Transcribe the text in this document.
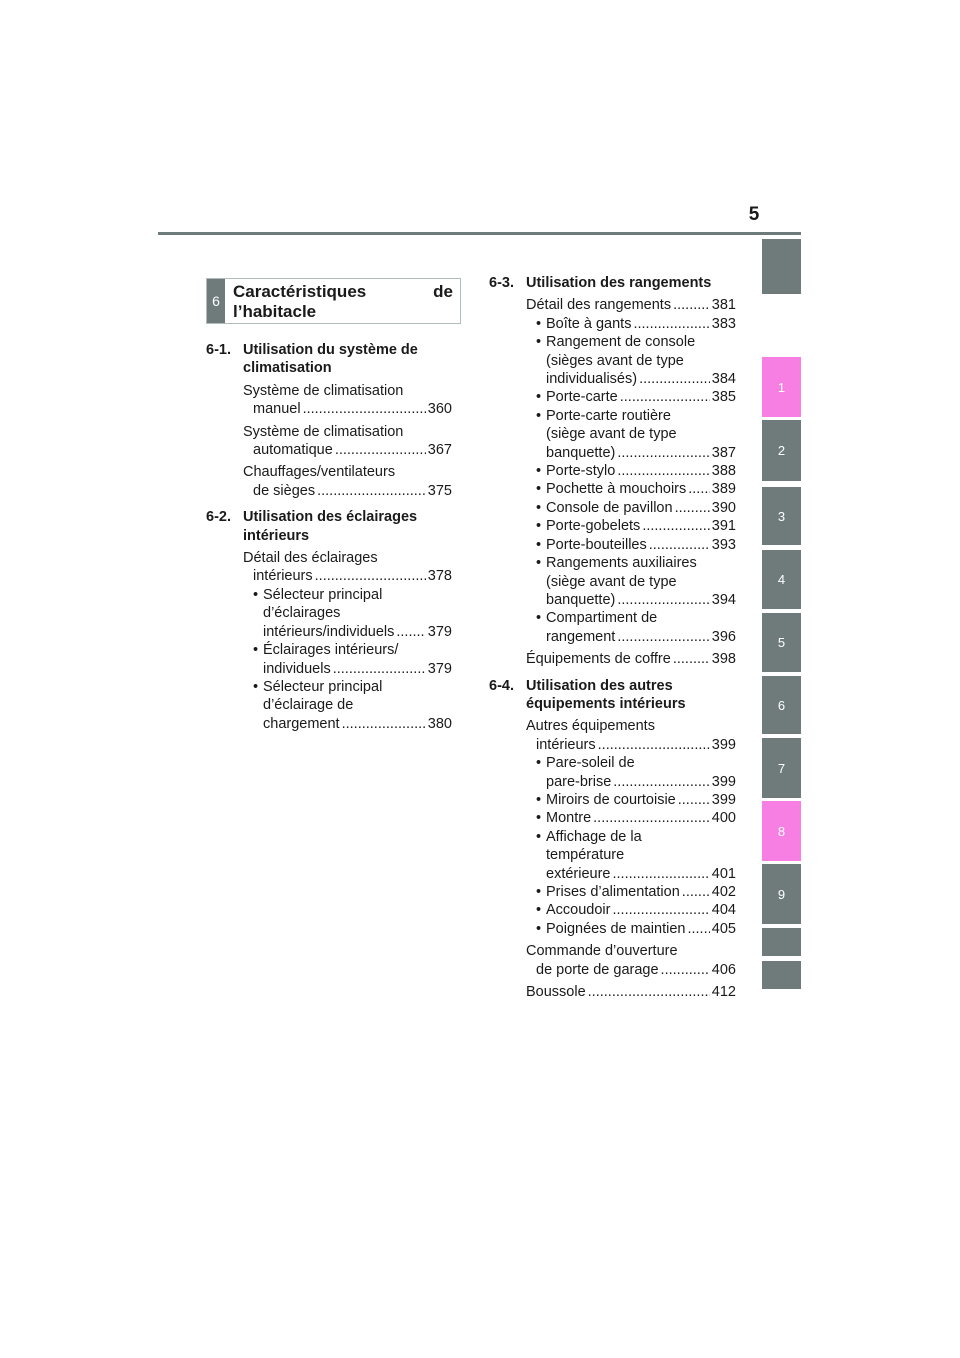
5
1
2
3
4
5
6
7
8
9
6 Caractéristiques	de
l’habitacle
6-1. Utilisation du système de
climatisation
Système de climatisation
manuel .....	360
Système de climatisation
automatique .....	367
Chauffages/ventilateurs
de sièges .....	375
6-2. Utilisation des éclairages
intérieurs
Détail des éclairages
intérieurs .....	378
• Sélecteur principal
d’éclairages
intérieurs/individuels ..... 379
• Éclairages intérieurs/
individuels .....	379
• Sélecteur principal
d’éclairage de
chargement .....	380
6-3. Utilisation des rangements
Détail des rangements .....	381
• Boîte à gants .....	383
• Rangement de console
(sièges avant de type
individualisés) .....	384
• Porte-carte .....	385
• Porte-carte routière
(siège avant de type
banquette) .....	387
• Porte-stylo .....	388
• Pochette à mouchoirs ..... 389
• Console de pavillon .....	390
• Porte-gobelets .....	391
• Porte-bouteilles .....	393
• Rangements auxiliaires
(siège avant de type
banquette) .....	394
• Compartiment de
rangement .....	396
Équipements de coffre .....	398
6-4. Utilisation des autres
équipements intérieurs
Autres équipements
intérieurs .....	399
• Pare-soleil de
pare-brise .....	399
• Miroirs de courtoisie ..... 399
• Montre .....	400
• Affichage de la
température
extérieure .....	401
• Prises d’alimentation ..... 402
• Accoudoir .....	404
• Poignées de maintien ..... 405
Commande d’ouverture
de porte de garage .....	406
Boussole .....	412
